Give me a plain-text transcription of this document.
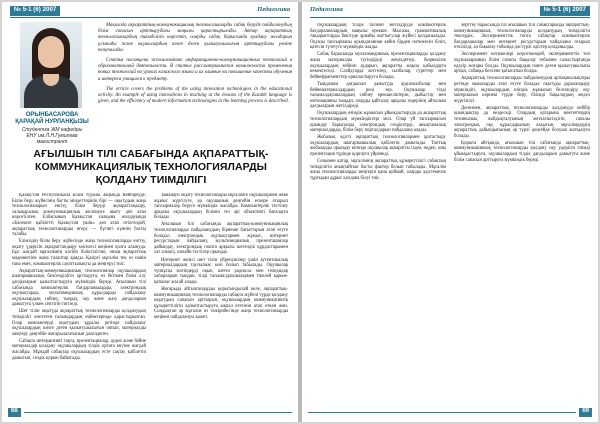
№ 5-1 (6) 2007	Педагогика
ОРЫНБАСАРОВА
ҚАРАҚАЙ НУРЛАНҚЫЗЫ
Студентка ЖМ кафедры
ЕНУ им.Л.Н.Гумилева
магистрант

Мақалада ақпараттық-коммуникациялық технологияларды сабақ беруде пайдаланудың білім сапасын арттырудағы маңызы қарастырылады. Автор ақпараттық технологиялардың тиімділігін көрсетіп, оларды сабақ барысында қолдану жолдарын ұсынады және оқушылардың пәнге деген қызығушылығын арттырудағы рөліне тоқталады.

Статья посвящена использованию информационно-коммуникационных технологий в образовательной деятельности. В статье рассматриваются возможности применения новых технологий на уроках казахского языка и их влияние на повышение качества обучения и интереса учащихся к предмету.

The article covers the problems of the using innovation technologies in the educational activity. An example of using innovations in teaching at the lessons of the Kazakh language is given, and the efficiency of modern information technologies in the learning process is described.

АҒЫЛШЫН ТІЛІ САБАҒЫНДА АҚПАРАТТЫҚ-КОММУНИКАЦИЯЛЫҚ ТЕХНОЛОГИЯЛАРДЫ ҚОЛДАНУ ТИІМДІЛІГІ

Қазақстан Республикасы Білім туралы Заңында Кейбіреуде: Білім беру жүйесінің басты міндеттерінің бірі — оқытудың жаңа технологияларын енгізу, білім беруді ақпараттандыру, халықаралық коммуникациялық желілерге шығу деп атап көрсетілген. Елбасының Қазақстан халқына жолдауында «Бәсекеге қабілетті Қазақстан үшін» деп атап өтілгендей, ақпараттық технологияларды игеру — бүгінгі күннің басты талабы.

Еліміздің білім беру жүйесінде жаңа технологияларды енгізу, оқыту үдерісін ақпараттандыру мәселесі кеңінен қолға алынуда. Бұл жағдай мұғалімнің кәсіби біліктілігіне, оның ақпараттық мәдениетіне жаңа талаптар қояды. Қазіргі мұғалім тек өз пәнін ғана емес, компьютерлік сауаттылықты да меңгеруі тиіс.

Ақпараттық-коммуникациялық технологиялар оқушылардың шығармашылық белсенділігін арттыруға, өз бетімен білім алу дағдыларын қалыптастыруға мүмкіндік береді. Ағылшын тілі сабағында компьютерлік бағдарламаларды, электрондық оқулықтарды, мультимедиялық құралдарды пайдалану оқушылардың сөйлеу, тыңдау, оқу және жазу дағдыларын дамытуға үлкен септігін тигізеді.

Шет тілін оқытуда ақпараттық технологияларды қолданудың тиімділігі көптеген ғалымдардың еңбектерінде қарастырылған. Олар компьютерді оқытудың құралы ретінде пайдалану оқушылардың пәнге деген қызығушылығын оятып, материалды меңгеру деңгейін жоғарылататынын дәлелдеген.

Сабақта интерактивті тақта, презентациялар, аудио және бейне материалдар қолдану оқушылардың тілдік ортаға енуіне жағдай жасайды. Мұндай сабақтар оқушылардың есте сақтау қабілетін дамытып, сөздік қорын байытады.

Заманауи оқыту технологиялары мұғалімге оқушылармен жеке жұмыс жүргізуге, әр оқушының деңгейін ескере отырып тапсырмалар беруге мүмкіндік жасайды. Компьютерлік тестілеу арқылы оқушылардың білімін тез әрі объективті бағалауға болады.

Ағылшын тілі сабағында ақпараттық-коммуникациялық технологияларды пайдаланудың бірнеше бағыттарын атап өтуге болады: электрондық оқулықтармен жұмыс, интернет ресурстарын пайдалану, мультимедиялық презентациялар дайындау, электрондық пошта арқылы шетелдік құрдастарымен хат алмасу, онлайн тестілер орындау.

Интернет желісі шет тілін үйренушілер үшін аутентикалық материалдардың таусылмас көзі болып табылады. Оқушылар түпнұсқа мәтіндерді оқып, шетел радиосы мен теледидар хабарларын тыңдап, тілді тасымалдаушылармен тікелей қарым-қатынас жасай алады.

Жоғарыда айтылғандарды қорытындылай келе, ақпараттық-коммуникациялық технологияларды сабақта жүйелі түрде қолдану оқытудың сапасын арттырып, оқушылардың коммуникативтік құзыреттілігін қалыптастыруға ықпал ететінін атап өткен жөн. Сондықтан әр мұғалім өз тәжірибесінде жаңа технологияларды кеңінен пайдалануы қажет.

68
Педагогика	№ 5-1 (6) 2007

Оқушылардың тілдік білімін жетілдіруде компьютерлік бағдарламалардың маңызы ерекше. Мысалы, грамматикалық тақырыптарды бекітуде арнайы жаттығулар жүйесі қолданылады. Оқушы тапсырманы орындағаннан кейін бірден нәтижесін біліп, қатесін түзетуге мүмкіндік алады.

Сабақ барысында мультимедиялық презентацияларды қолдану жаңа материалды түсіндіруді жеңілдетеді. Көрнекілік оқушылардың зейінін аударып, ақпаратты жақсы қабылдауға көмектеседі. Слайдтарда кестелер, сызбалар, суреттер мен бейнефрагменттер орналастыруға болады.

Тыңдалым дағдысын дамытуда аудиожазбалар мен бейнематериалдардың рөлі зор. Оқушылар тілді тасымалдаушылардың сөйлеу ерекшеліктерін, дыбыстау мен интонацияны тыңдап, оларды қайталау арқылы өздерінің айтылым дағдыларын жетілдіреді.

Оқушылардың өзіндік жұмысын ұйымдастыруда да ақпараттық технологиялардың мүмкіндіктері мол. Олар үй тапсырмасын орындау барысында электрондық сөздіктерді, анықтамалық материалдарды, білім беру порталдарын пайдалана алады.

Жобалық әдісті ақпараттық технологиялармен ұштастыру оқушылардың шығармашылық қабілетін дамытады. Топтық жобаларды орындау кезінде оқушылар ақпаратты іздеп, өңдеп, оны презентация түрінде қорғауға үйренеді.

Сонымен қатар, мұғалімнің ақпараттық құзыреттілігі сабақтың тиімділігін анықтайтын басты фактор болып табылады. Мұғалім жаңа технологияларды меңгеріп қана қоймай, оларды әдістемелік тұрғыдан дұрыс қолдана білуі тиіс.

Зерттеу барысында біз ағылшын тілі сабақтарында ақпараттық-коммуникациялық технологияларды қолданудың тиімділігін тексердік. Эксперименттік топта сабақтар компьютерлік бағдарламалар мен интернет ресурстарын пайдалана отырып өткізілді, ал бақылау тобында дәстүрлі әдістер қолданылды.

Эксперимент нәтижелері көрсеткендей, эксперименттік топ оқушыларының білім сапасы бақылау тобымен салыстырғанда едәуір жоғары болды. Оқушылардың пәнге деген қызығушылығы артып, сабаққа белсене қатысатын болды.

Ақпараттық технологияларды пайдаланудың артықшылықтары ретінде мыналарды атап өтуге болады: оқытуды дараландыру мүмкіндігі, оқушылардың өзіндік жұмысын белсендіру, оқу материалын көрнекі түрде беру, білімді бақылаудың жедел жүргізілуі.

Дегенмен, ақпараттық технологияларды қолдануда кейбір қиындықтар да кездеседі. Олардың қатарына мектептердің техникалық жабдықталуының жеткіліксіздігін, сапалы электрондық оқу құралдарының аздығын, мұғалімдердің ақпараттық дайындығының әр түрлі деңгейде болуын жатқызуға болады.

Қорыта айтқанда, ағылшын тілі сабағында ақпараттық-коммуникациялық технологияларды қолдану оқу үдерісін тиімді ұйымдастыруға, оқушылардың тілдік дағдыларын дамытуға және білім сапасын арттыруға мүмкіндік береді.

69
